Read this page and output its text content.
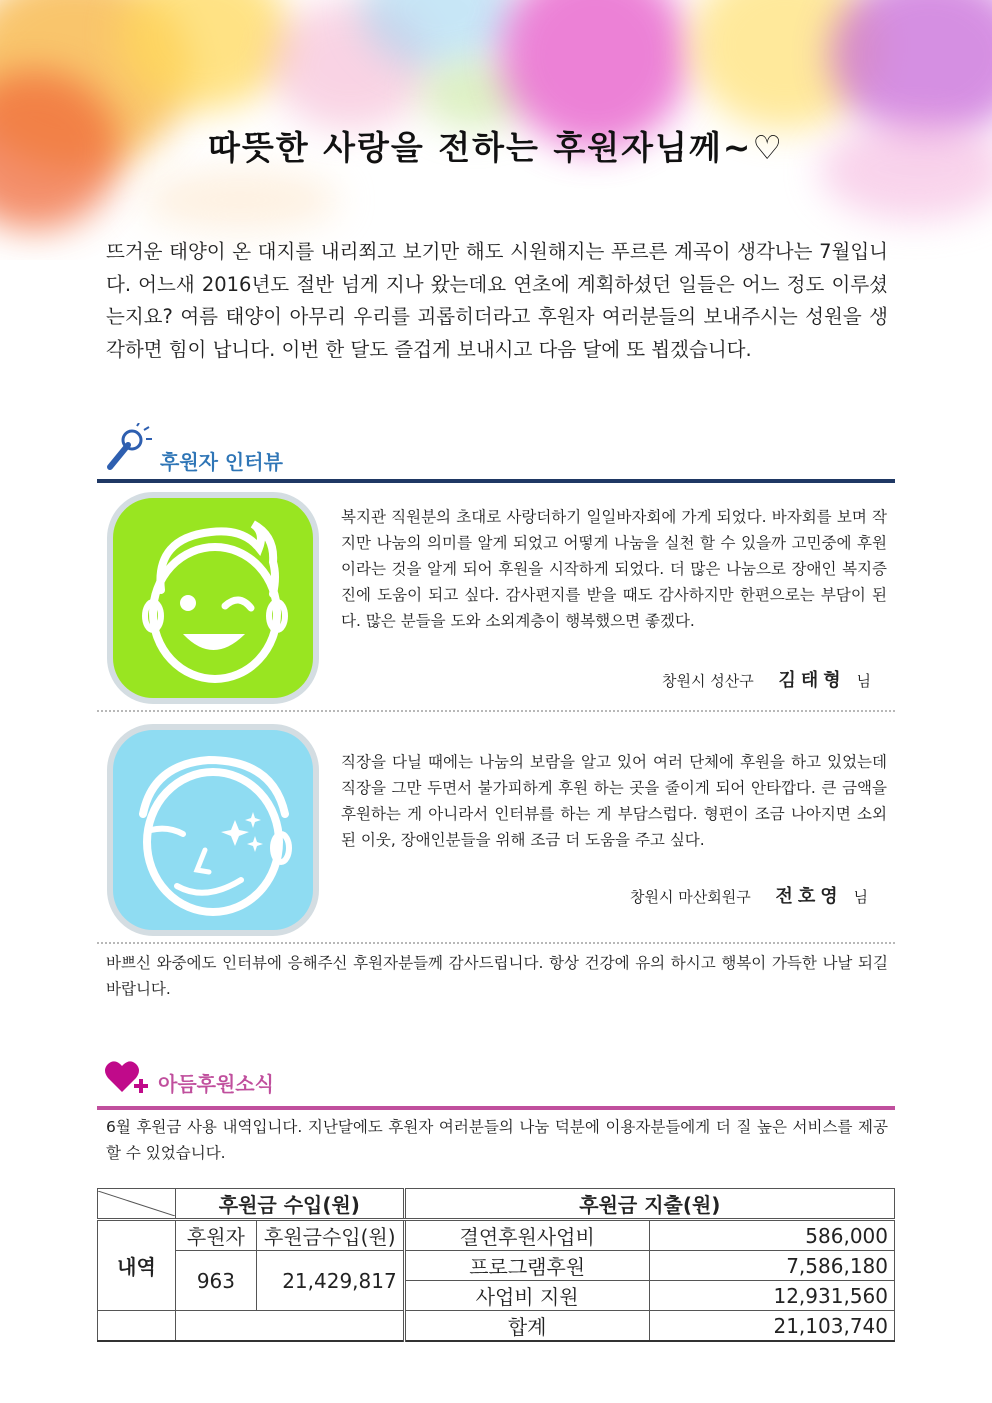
따뜻한 사랑을 전하는 후원자님께~♡
뜨거운 태양이 온 대지를 내리쬐고 보기만 해도 시원해지는 푸르른 계곡이 생각나는 7월입니다. 어느새 2016년도 절반 넘게 지나 왔는데요 연초에 계획하셨던 일들은 어느 정도 이루셨는지요? 여름 태양이 아무리 우리를 괴롭히더라고 후원자 여러분들의 보내주시는 성원을 생각하면 힘이 납니다. 이번 한 달도 즐겁게 보내시고 다음 달에 또 뵙겠습니다.
후원자 인터뷰
복지관 직원분의 초대로 사랑더하기 일일바자회에 가게 되었다. 바자회를 보며 작지만 나눔의 의미를 알게 되었고 어떻게 나눔을 실천 할 수 있을까 고민중에 후원이라는 것을 알게 되어 후원을 시작하게 되었다. 더 많은 나눔으로 장애인 복지증진에 도움이 되고 싶다. 감사편지를 받을 때도 감사하지만 한편으로는 부담이 된다. 많은 분들을 도와 소외계층이 행복했으면 좋겠다.
창원시 성산구 김태형 님
직장을 다닐 때에는 나눔의 보람을 알고 있어 여러 단체에 후원을 하고 있었는데 직장을 그만 두면서 불가피하게 후원 하는 곳을 줄이게 되어 안타깝다. 큰 금액을 후원하는 게 아니라서 인터뷰를 하는 게 부담스럽다. 형편이 조금 나아지면 소외된 이웃, 장애인분들을 위해 조금 더 도움을 주고 싶다.
창원시 마산회원구 전호영 님
바쁘신 와중에도 인터뷰에 응해주신 후원자분들께 감사드립니다. 항상 건강에 유의 하시고 행복이 가득한 나날 되길 바랍니다.
아듬후원소식
6월 후원금 사용 내역입니다. 지난달에도 후원자 여러분들의 나눔 덕분에 이용자분들에게 더 질 높은 서비스를 제공할 수 있었습니다.
	후원금 수입(원)		후원금 지출(원)	
내역	후원자	후원금수입(원)	결연후원사업비	586,000
	963	21,429,817	프로그램후원	7,586,180
			사업비 지원	12,931,560
			합계	21,103,740
